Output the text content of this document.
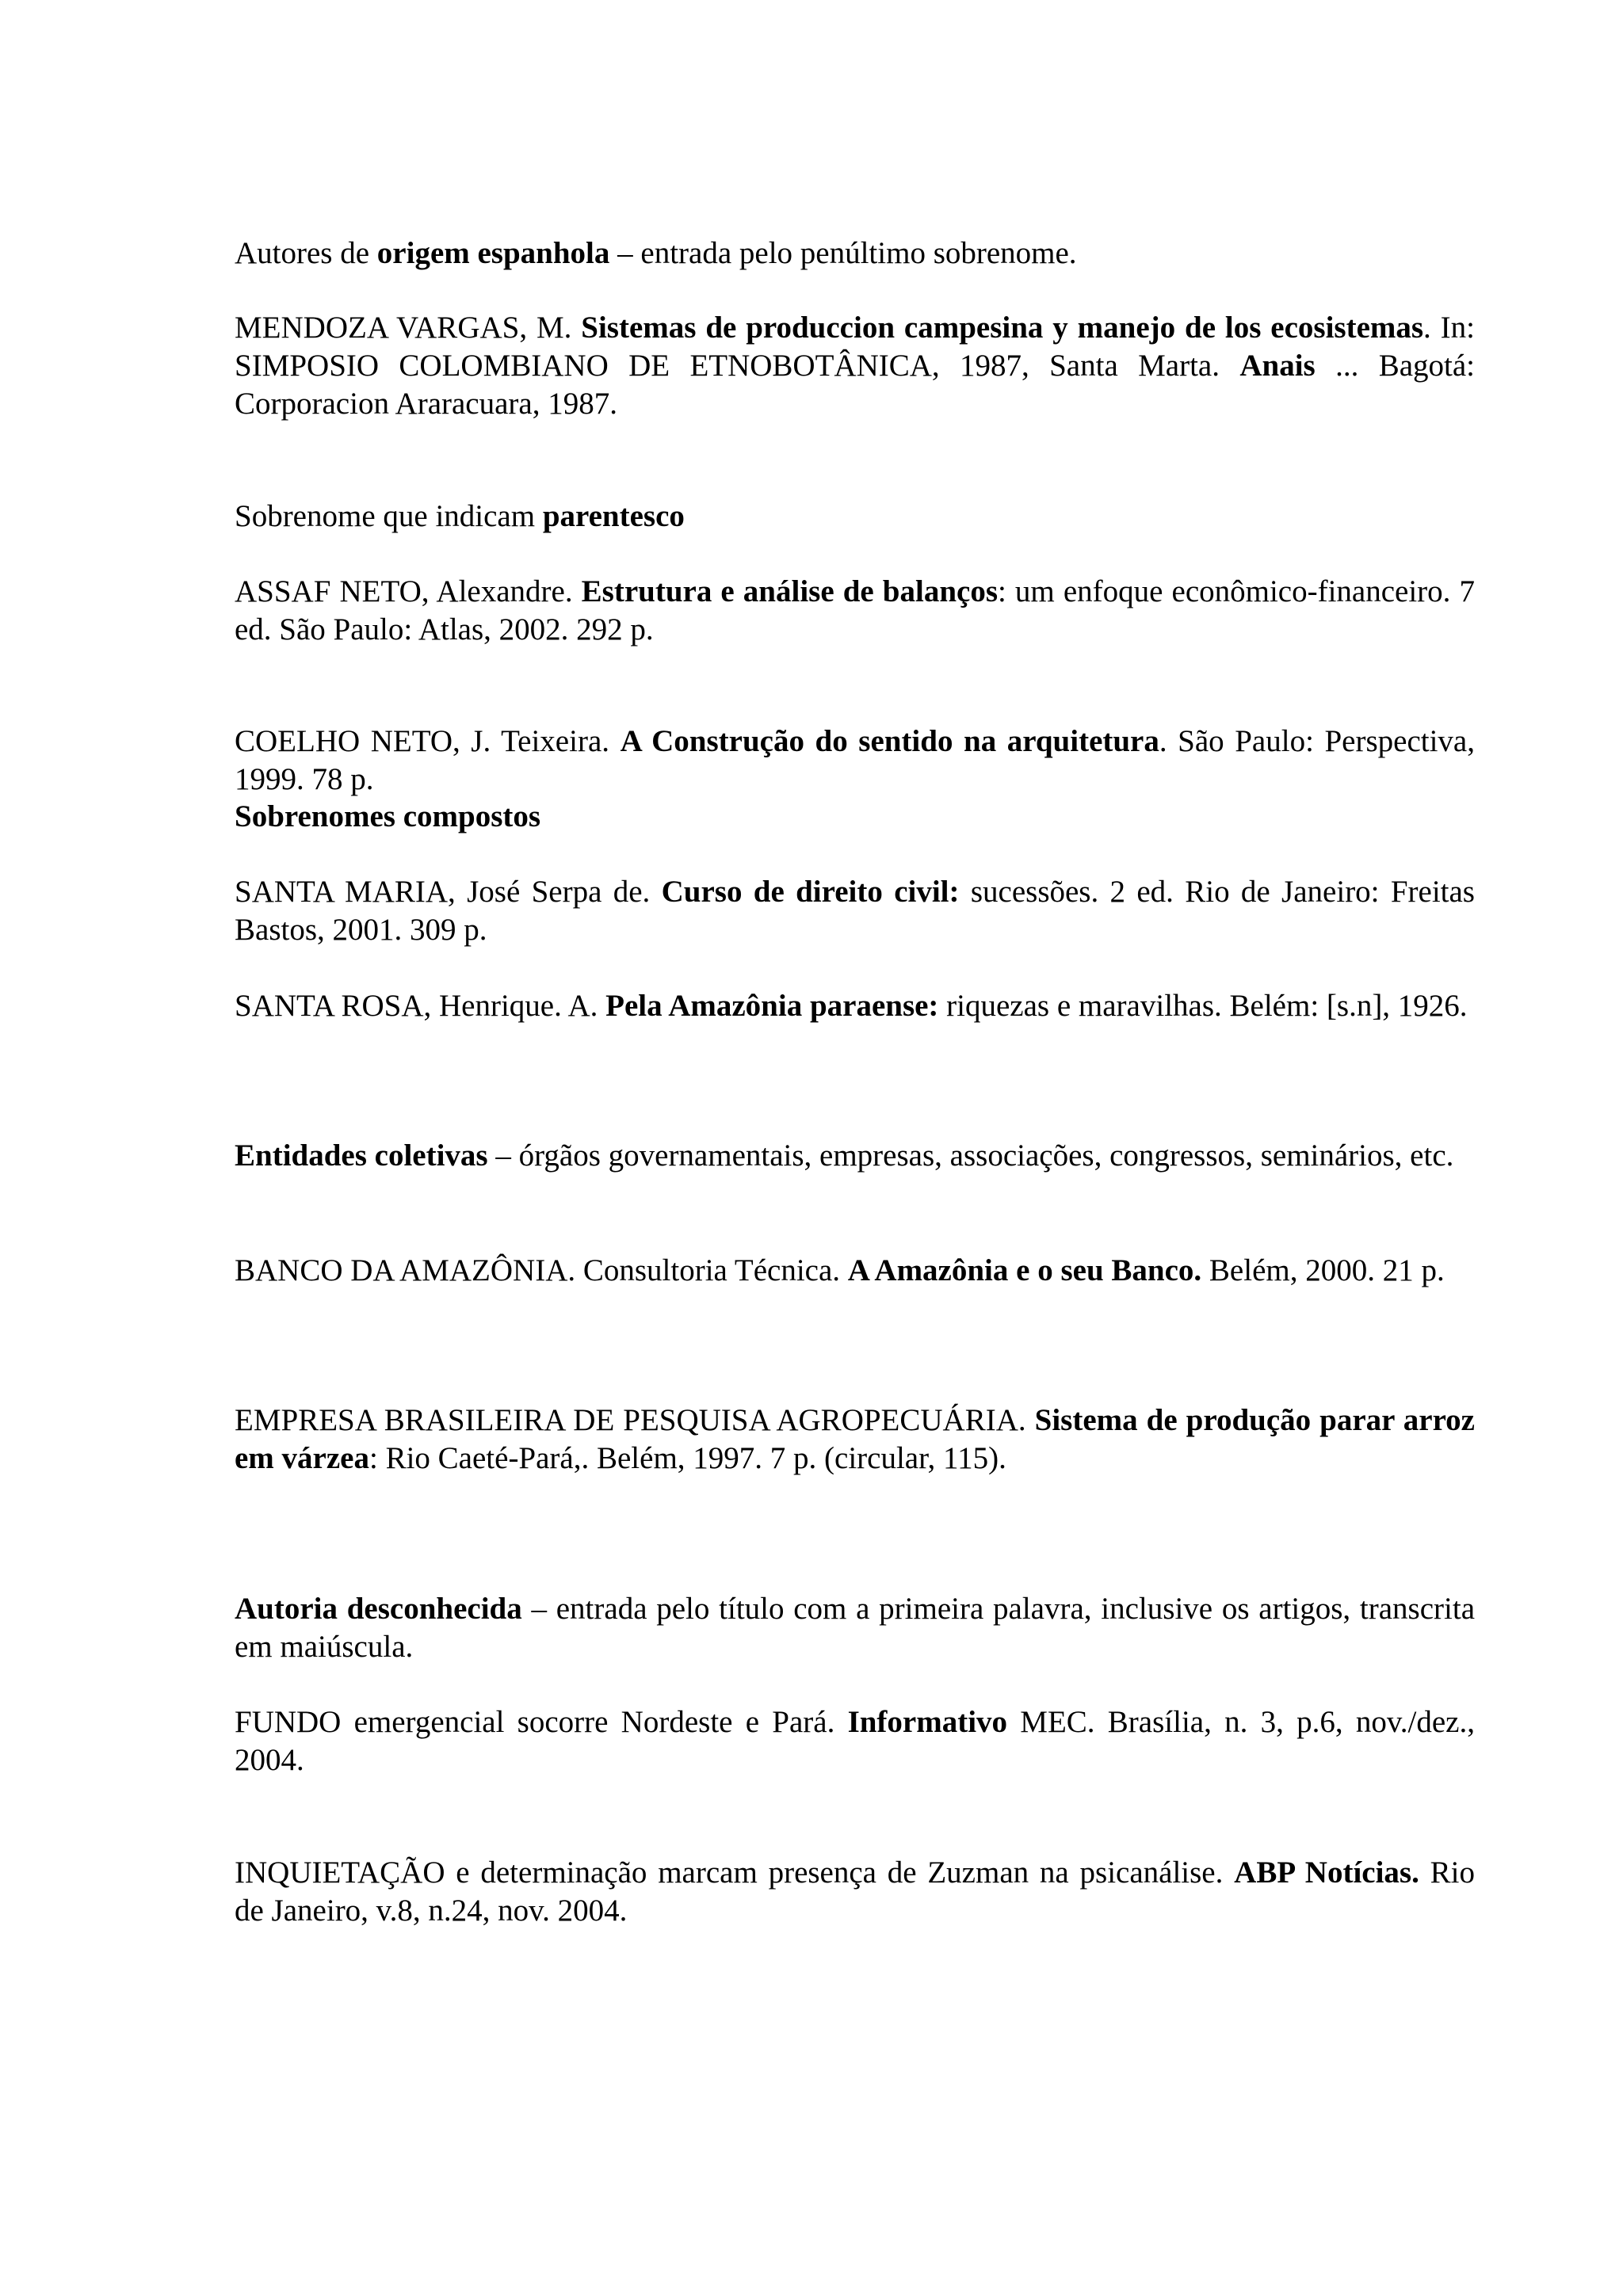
Autores de origem espanhola – entrada pelo penúltimo sobrenome.

MENDOZA VARGAS, M. Sistemas de produccion campesina y manejo de los ecosistemas. In: SIMPOSIO COLOMBIANO DE ETNOBOTÂNICA, 1987, Santa Marta. Anais ... Bagotá: Corporacion Araracuara, 1987.

Sobrenome que indicam parentesco

ASSAF NETO, Alexandre. Estrutura e análise de balanços: um enfoque econômico-financeiro. 7 ed. São Paulo: Atlas, 2002. 292 p.

COELHO NETO, J. Teixeira. A Construção do sentido na arquitetura. São Paulo: Perspectiva, 1999. 78 p.

Sobrenomes compostos

SANTA MARIA, José Serpa de. Curso de direito civil: sucessões. 2 ed. Rio de Janeiro: Freitas Bastos, 2001. 309 p.

SANTA ROSA, Henrique. A. Pela Amazônia paraense: riquezas e maravilhas. Belém: [s.n], 1926.

Entidades coletivas – órgãos governamentais, empresas, associações, congressos, seminários, etc.

BANCO DA AMAZÔNIA. Consultoria Técnica. A Amazônia e o seu Banco. Belém, 2000. 21 p.

EMPRESA BRASILEIRA DE PESQUISA AGROPECUÁRIA. Sistema de produção parar arroz em várzea: Rio Caeté-Pará,. Belém, 1997. 7 p. (circular, 115).

Autoria desconhecida – entrada pelo título com a primeira palavra, inclusive os artigos, transcrita em maiúscula.

FUNDO emergencial socorre Nordeste e Pará. Informativo MEC. Brasília, n. 3, p.6, nov./dez., 2004.

INQUIETAÇÃO e determinação marcam presença de Zuzman na psicanálise. ABP Notícias. Rio de Janeiro, v.8, n.24, nov. 2004.
